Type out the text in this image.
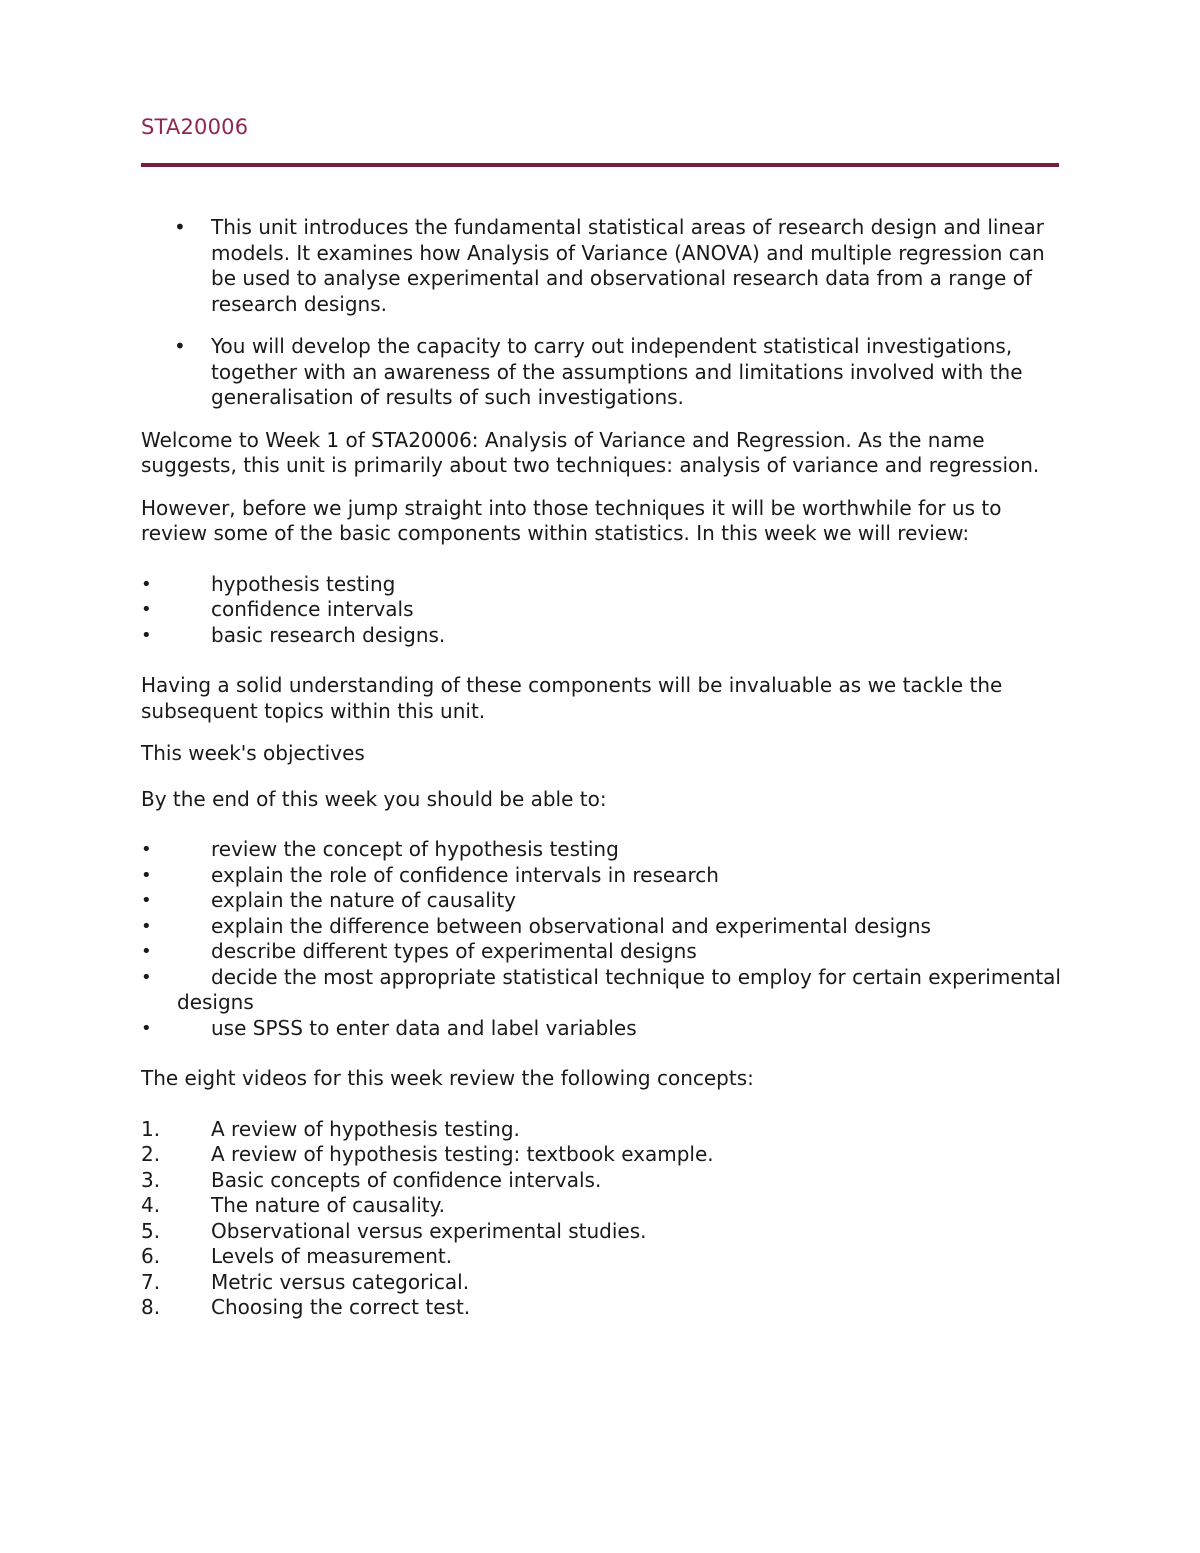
STA20006
• This unit introduces the fundamental statistical areas of research design and linear models. It examines how Analysis of Variance (ANOVA) and multiple regression can be used to analyse experimental and observational research data from a range of research designs.
• You will develop the capacity to carry out independent statistical investigations, together with an awareness of the assumptions and limitations involved with the generalisation of results of such investigations.

Welcome to Week 1 of STA20006: Analysis of Variance and Regression. As the name suggests, this unit is primarily about two techniques: analysis of variance and regression.

However, before we jump straight into those techniques it will be worthwhile for us to review some of the basic components within statistics. In this week we will review:

•	hypothesis testing
•	confidence intervals
•	basic research designs.

Having a solid understanding of these components will be invaluable as we tackle the subsequent topics within this unit.

This week's objectives

By the end of this week you should be able to:

•	review the concept of hypothesis testing
•	explain the role of confidence intervals in research
•	explain the nature of causality
•	explain the difference between observational and experimental designs
•	describe different types of experimental designs
•	decide the most appropriate statistical technique to employ for certain experimental designs
•	use SPSS to enter data and label variables

The eight videos for this week review the following concepts:

1.	A review of hypothesis testing.
2.	A review of hypothesis testing: textbook example.
3.	Basic concepts of confidence intervals.
4.	The nature of causality.
5.	Observational versus experimental studies.
6.	Levels of measurement.
7.	Metric versus categorical.
8.	Choosing the correct test.
